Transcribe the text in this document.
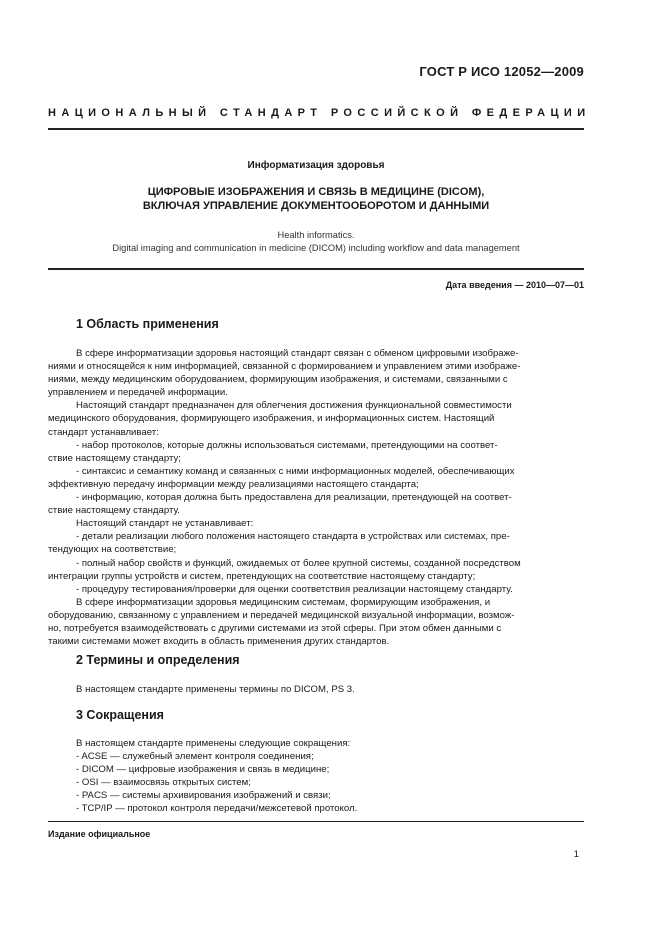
ГОСТ Р ИСО 12052—2009
НАЦИОНАЛЬНЫЙ СТАНДАРТ РОССИЙСКОЙ ФЕДЕРАЦИИ
Информатизация здоровья
ЦИФРОВЫЕ ИЗОБРАЖЕНИЯ И СВЯЗЬ В МЕДИЦИНЕ (DICOM),
ВКЛЮЧАЯ УПРАВЛЕНИЕ ДОКУМЕНТООБОРОТОМ И ДАННЫМИ
Health informatics.
Digital imaging and communication in medicine (DICOM) including workflow and data management
Дата введения — 2010—07—01
1 Область применения
В сфере информатизации здоровья настоящий стандарт связан с обменом цифровыми изображе-
ниями и относящейся к ним информацией, связанной с формированием и управлением этими изображе-
ниями, между медицинским оборудованием, формирующим изображения, и системами, связанными с
управлением и передачей информации.
Настоящий стандарт предназначен для облегчения достижения функциональной совместимости
медицинского оборудования, формирующего изображения, и информационных систем. Настоящий
стандарт устанавливает:
- набор протоколов, которые должны использоваться системами, претендующими на соответ-
ствие настоящему стандарту;
- синтаксис и семантику команд и связанных с ними информационных моделей, обеспечивающих
эффективную передачу информации между реализациями настоящего стандарта;
- информацию, которая должна быть предоставлена для реализации, претендующей на соответ-
ствие настоящему стандарту.
Настоящий стандарт не устанавливает:
- детали реализации любого положения настоящего стандарта в устройствах или системах, пре-
тендующих на соответствие;
- полный набор свойств и функций, ожидаемых от более крупной системы, созданной посредством
интеграции группы устройств и систем, претендующих на соответствие настоящему стандарту;
- процедуру тестирования/проверки для оценки соответствия реализации настоящему стандарту.
В сфере информатизации здоровья медицинским системам, формирующим изображения, и
оборудованию, связанному с управлением и передачей медицинской визуальной информации, возмож-
но, потребуется взаимодействовать с другими системами из этой сферы. При этом обмен данными с
такими системами может входить в область применения других стандартов.
2 Термины и определения
В настоящем стандарте применены термины по DICOM, PS 3.
3 Сокращения
В настоящем стандарте применены следующие сокращения:
- ACSE — служебный элемент контроля соединения;
- DICOM — цифровые изображения и связь в медицине;
- OSI — взаимосвязь открытых систем;
- PACS — системы архивирования изображений и связи;
- TCP/IP — протокол контроля передачи/межсетевой протокол.
Издание официальное
1
